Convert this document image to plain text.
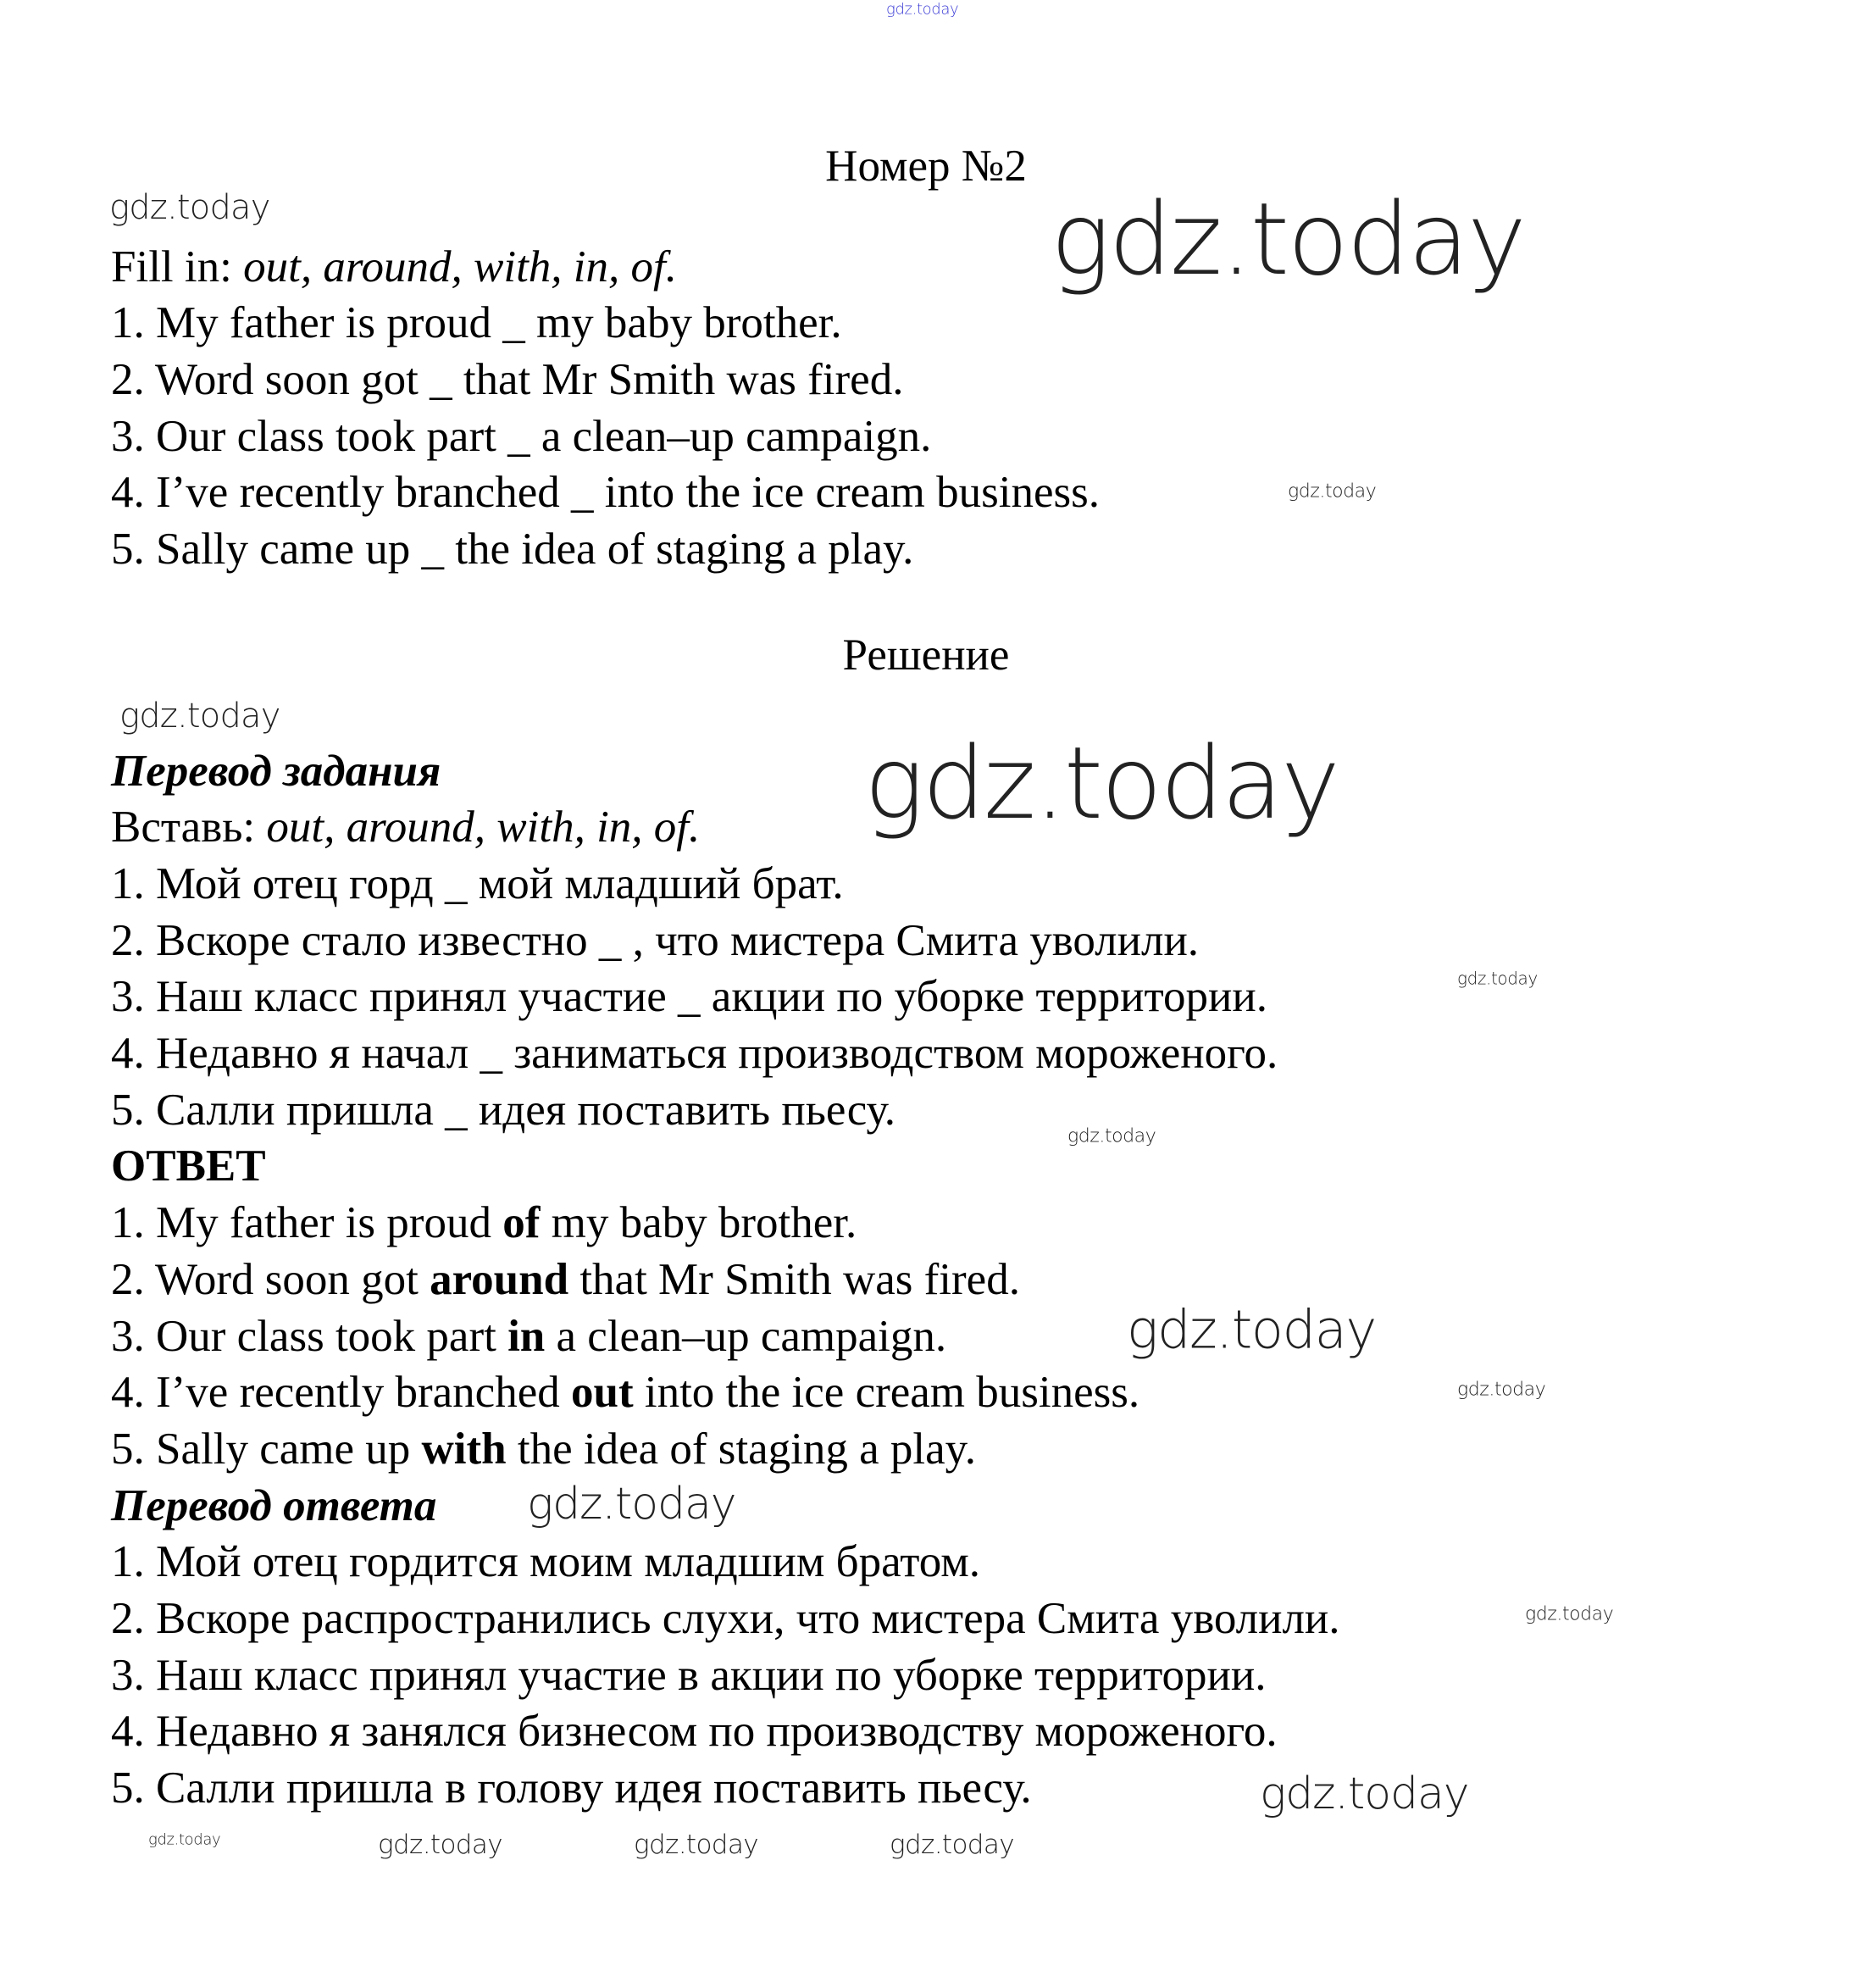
gdz.today
Номер №2
Fill in: out, around, with, in, of.
1. My father is proud _ my baby brother.
2. Word soon got _ that Mr Smith was fired.
3. Our class took part _ a clean–up campaign.
4. I’ve recently branched _ into the ice cream business.
5. Sally came up _ the idea of staging a play.
Решение
Перевод задания
Вставь: out, around, with, in, of.
1. Мой отец горд _ мой младший брат.
2. Вскоре стало известно _ , что мистера Смита уволили.
3. Наш класс принял участие _ акции по уборке территории.
4. Недавно я начал _ заниматься производством мороженого.
5. Салли пришла _ идея поставить пьесу.
ОТВЕТ
1. My father is proud of my baby brother.
2. Word soon got around that Mr Smith was fired.
3. Our class took part in a clean–up campaign.
4. I’ve recently branched out into the ice cream business.
5. Sally came up with the idea of staging a play.
Перевод ответа
1. Мой отец гордится моим младшим братом.
2. Вскоре распространились слухи, что мистера Смита уволили.
3. Наш класс принял участие в акции по уборке территории.
4. Недавно я занялся бизнесом по производству мороженого.
5. Салли пришла в голову идея поставить пьесу.
gdz.today	gdz.today
gdz.today
gdz.today
gdz.today
gdz.today
gdz.today
gdz.today
gdz.today
gdz.today
gdz.today
gdz.today	gdz.today	gdz.today	gdz.today
gdz.today
